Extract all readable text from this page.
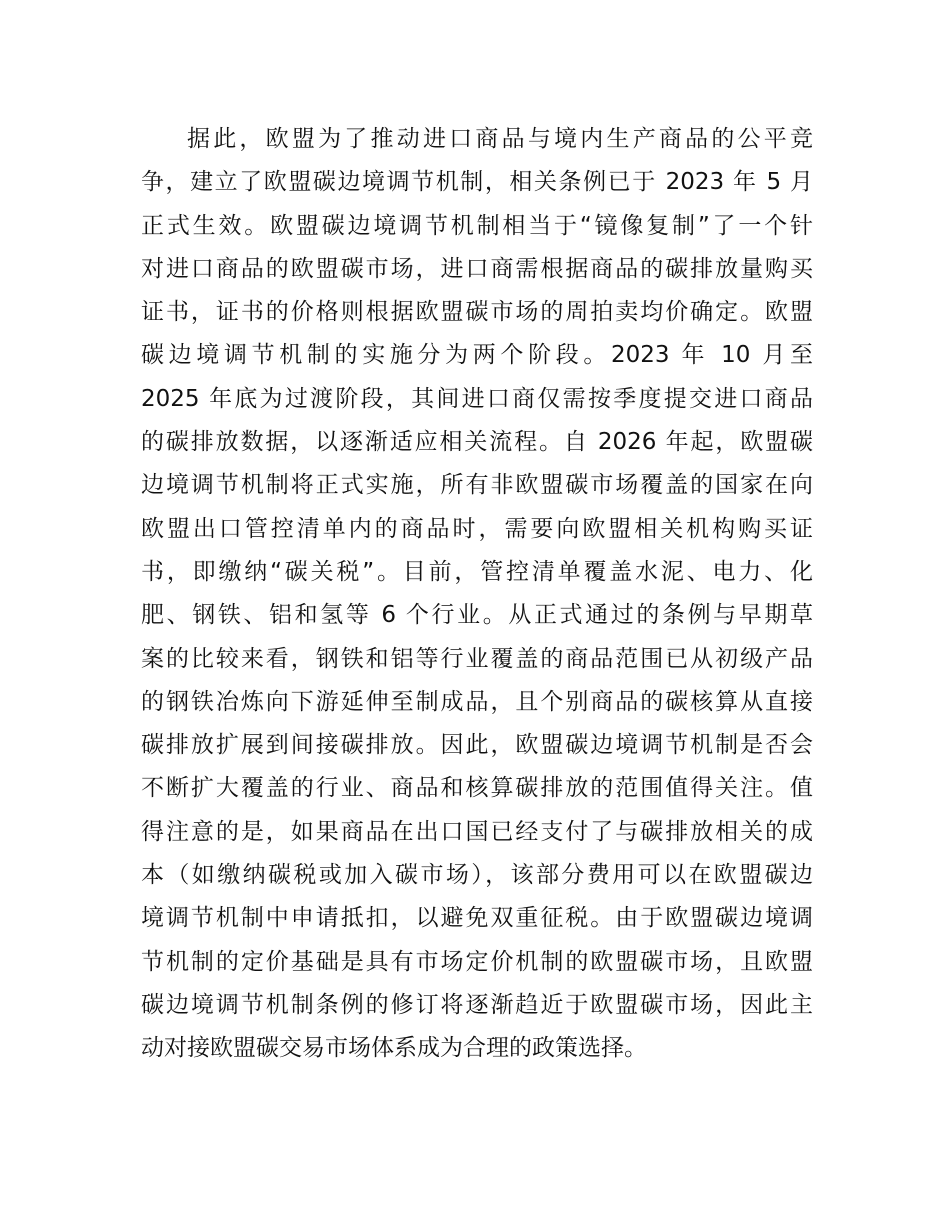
据此，欧盟为了推动进口商品与境内生产商品的公平竞
争，建立了欧盟碳边境调节机制，相关条例已于 2023 年 5 月
正式生效。欧盟碳边境调节机制相当于“镜像复制”了一个针
对进口商品的欧盟碳市场，进口商需根据商品的碳排放量购买
证书，证书的价格则根据欧盟碳市场的周拍卖均价确定。欧盟
碳边境调节机制的实施分为两个阶段。2023 年 10 月至
2025 年底为过渡阶段，其间进口商仅需按季度提交进口商品
的碳排放数据，以逐渐适应相关流程。自 2026 年起，欧盟碳
边境调节机制将正式实施，所有非欧盟碳市场覆盖的国家在向
欧盟出口管控清单内的商品时，需要向欧盟相关机构购买证
书，即缴纳“碳关税”。目前，管控清单覆盖水泥、电力、化
肥、钢铁、铝和氢等 6 个行业。从正式通过的条例与早期草
案的比较来看，钢铁和铝等行业覆盖的商品范围已从初级产品
的钢铁冶炼向下游延伸至制成品，且个别商品的碳核算从直接
碳排放扩展到间接碳排放。因此，欧盟碳边境调节机制是否会
不断扩大覆盖的行业、商品和核算碳排放的范围值得关注。值
得注意的是，如果商品在出口国已经支付了与碳排放相关的成
本（如缴纳碳税或加入碳市场），该部分费用可以在欧盟碳边
境调节机制中申请抵扣，以避免双重征税。由于欧盟碳边境调
节机制的定价基础是具有市场定价机制的欧盟碳市场，且欧盟
碳边境调节机制条例的修订将逐渐趋近于欧盟碳市场，因此主
动对接欧盟碳交易市场体系成为合理的政策选择。
